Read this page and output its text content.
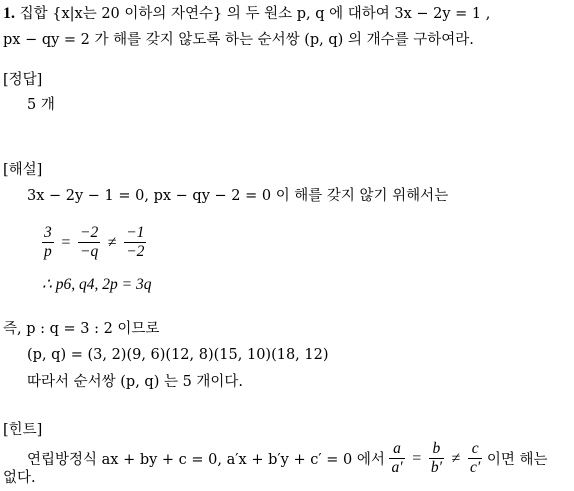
1. 집합 {x|x는 20 이하의 자연수} 의 두 원소 p, q 에 대하여 3x − 2y = 1 ,
px − qy = 2 가 해를 갖지 않도록 하는 순서쌍 (p, q) 의 개수를 구하여라.
[정답]
5 개
[해설]
3x − 2y − 1 = 0, px − qy − 2 = 0 이 해를 갖지 않기 위해서는
$\frac{3}{p} = \frac{-2}{-q} \ne \frac{-1}{-2}$
∴ p6, q4, 2p = 3q
즉, p : q = 3 : 2 이므로
(p, q) = (3, 2)(9, 6)(12, 8)(15, 10)(18, 12)
따라서 순서쌍 (p, q) 는 5 개이다.
[힌트]
연립방정식 ax + by + c = 0, a′x + b′y + c′ = 0 에서 $\frac{a}{a'} = \frac{b}{b'} \ne \frac{c}{c'}$ 이면 해는
없다.
